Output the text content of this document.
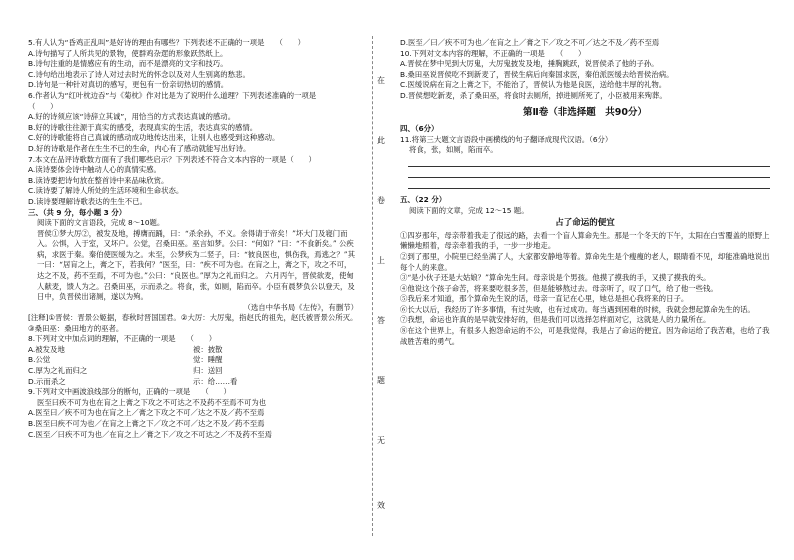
在
此
卷
上
答
题
无
效
5.有人认为“昏鸡正乱叫”是好诗的理由有哪些？下列表述不正确的一项是　　（　　）
A.诗句描写了人所共见的景物，使群鸡杂遝的形象跃然纸上。
B.诗句注重的是情感应有的生动，而不是漂亮的文字和技巧。
C.诗句给出地表示了诗人对过去时光的怀念以及对人生别离的愁悲。
D.诗句是一种针对真切的感写，更包有一份亲切热切的感情。
6.作者认为“红叶枕边吞”与《菊枕》作对比是为了说明什么道理？下列表述准确的一项是
（　　）
A.好的诗须应该“诗辞立其诚”，用恰当的方式表达真诚的感动。
B.好的诗歌往往源于真实的感受，表现真实的生活，表达真实的感情。
C.好的诗歌能将自己真诚的感动成功地传达出来，让别人也感受到这种感动。
D.好的诗歌是作者在生生不已的生命，内心有了感动就能写出好诗。
7.本文在品评诗歌数方面有了我们哪些启示？下列表述不符合文本内容的一项是（　　）
A.读诗要体会诗中触动人心的真情实感。
B.读诗要把诗句放在整首诗中来品味欣赏。
C.读诗要了解诗人所处的生活环境和生命状态。
D.读诗要理解诗歌表达的生生不已。
三、（共 9 分，每小题 3 分）
阅读下面的文言语段，完成 8～10题。
晋侯①梦大厉②，被发及地，搏膺而踊，曰：“杀余孙，不义。余得请于帝矣！”坏大门及寝门而入。公惧，入于室，又坏户。公觉，召桑田巫。巫言如梦。公曰：“何如？”曰：“不食新矣。” 公疾病，求医于秦。秦伯使医缓为之。未至，公梦疾为二竖子，曰：“彼良医也，惧伤我，焉逃之？”其一曰：“居肓之上，膏之下，若我何？”医至，曰：“疾不可为也。在肓之上，膏之下，攻之不可，达之不及，药不至焉，不可为也。”公曰：“良医也。”厚为之礼而归之。 六月丙午，晋侯欲麦，使甸人献麦，馈人为之。召桑田巫，示而杀之。将食，张，如厕，陷而卒。小臣有晨梦负公以登天，及日中，负晋侯出诸厕，遂以为殉。
（选自中华书局《左传》，有删节）
[注释]①晋侯：晋景公姬据，春秋时晋国国君。②大厉：大厉鬼，指赵氏的祖先，赵氏被晋景公所灭。③桑田巫：桑田地方的巫者。
8.下列对文中加点词的理解，不正确的一项是　　（　　）
A.被发及地	被：披散
B.公觉	觉：睡醒
C.厚为之礼而归之	归：送回
D.示而杀之	示：给……看
9.下列对文中画波浪线部分的断句，正确的一项是　　（　　）
医至曰疾不可为也在肓之上膏之下攻之不可达之不及药不至焉不可为也
A.医至曰／疾不可为也在肓之上／膏之下攻之不可／达之不及／药不至焉
B.医至曰疾不可为也／在肓之上膏之下／攻之不可／达之不及／药不至焉
C.医至／曰疾不可为也／在肓之上／膏之下／攻之不可达之／不及药不至焉
D.医至／曰／疾不可为也／在肓之上／膏之下／攻之不可／达之不及／药不至焉
10.下列对文本内容的理解，不正确的一项是　　（　　）
A.晋侯在梦中见到大厉鬼，大厉鬼披发及地，捶胸跳跃，说晋侯杀了他的子孙。
B.桑田巫说晋侯吃不到新麦了，晋侯生病后向秦国求医，秦伯派医缓去给晋侯治病。
C.医缓说病在肓之上膏之下，不能治了，晋侯认为他是良医，送给他丰厚的礼物。
D.晋侯想吃新麦，杀了桑田巫，将食时去厕所，掉进厕所死了，小臣被用来殉葬。
第Ⅱ卷（非选择题　共90分）
四、（6分）
11.将第三大题文言语段中画横线的句子翻译成现代汉语。（6分）
将食，张，如厕，陷而卒。
五、（22 分）
阅读下面的文章，完成 12～15 题。
占了命运的便宜
①四岁那年，母亲带着我走了很远的路，去看一个盲人算命先生。那是一个冬天的下午，太阳在白雪覆盖的原野上懒懒地照着，母亲牵着我的手，一步一步地走。
②到了那里，小院里已经坐满了人，大家都安静地等着。算命先生是个瘦瘦的老人，眼睛看不见，却能准确地说出每个人的来意。
③“是小伙子还是大姑娘？”算命先生问。母亲说是个男孩。他摸了摸我的手，又摸了摸我的头。
④他说这个孩子命苦，将来要吃很多苦，但是能够熬过去。母亲听了，叹了口气，给了他一些钱。
⑤我后来才知道，那个算命先生说的话，母亲一直记在心里，她总是担心我将来的日子。
⑥长大以后，我经历了许多事情，有过失败，也有过成功。每当遇到困难的时候，我就会想起算命先生的话。
⑦我想，命运也许真的是早就安排好的，但是我们可以选择怎样面对它，这就是人的力量所在。
⑧在这个世界上，有很多人抱怨命运的不公，可是我觉得，我是占了命运的便宜。因为命运给了我苦难，也给了我战胜苦难的勇气。
